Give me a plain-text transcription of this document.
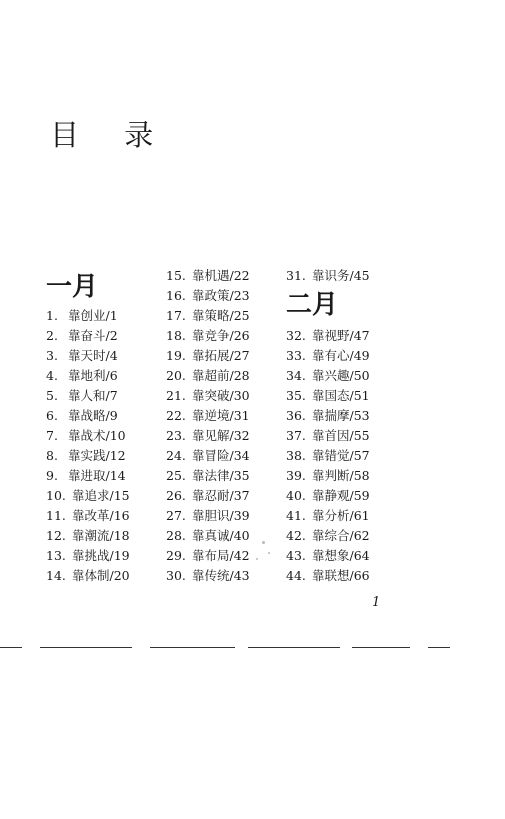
目 录
一月
二月
1. 靠创业/1
2. 靠奋斗/2
3. 靠天时/4
4. 靠地利/6
5. 靠人和/7
6. 靠战略/9
7. 靠战术/10
8. 靠实践/12
9. 靠进取/14
10. 靠追求/15
11. 靠改革/16
12. 靠潮流/18
13. 靠挑战/19
14. 靠体制/20
15. 靠机遇/22
16. 靠政策/23
17. 靠策略/25
18. 靠竞争/26
19. 靠拓展/27
20. 靠超前/28
21. 靠突破/30
22. 靠逆境/31
23. 靠见解/32
24. 靠冒险/34
25. 靠法律/35
26. 靠忍耐/37
27. 靠胆识/39
28. 靠真诚/40
29. 靠布局/42
30. 靠传统/43
31. 靠识务/45
32. 靠视野/47
33. 靠有心/49
34. 靠兴趣/50
35. 靠国态/51
36. 靠揣摩/53
37. 靠首因/55
38. 靠错觉/57
39. 靠判断/58
40. 靠静观/59
41. 靠分析/61
42. 靠综合/62
43. 靠想象/64
44. 靠联想/66
1
